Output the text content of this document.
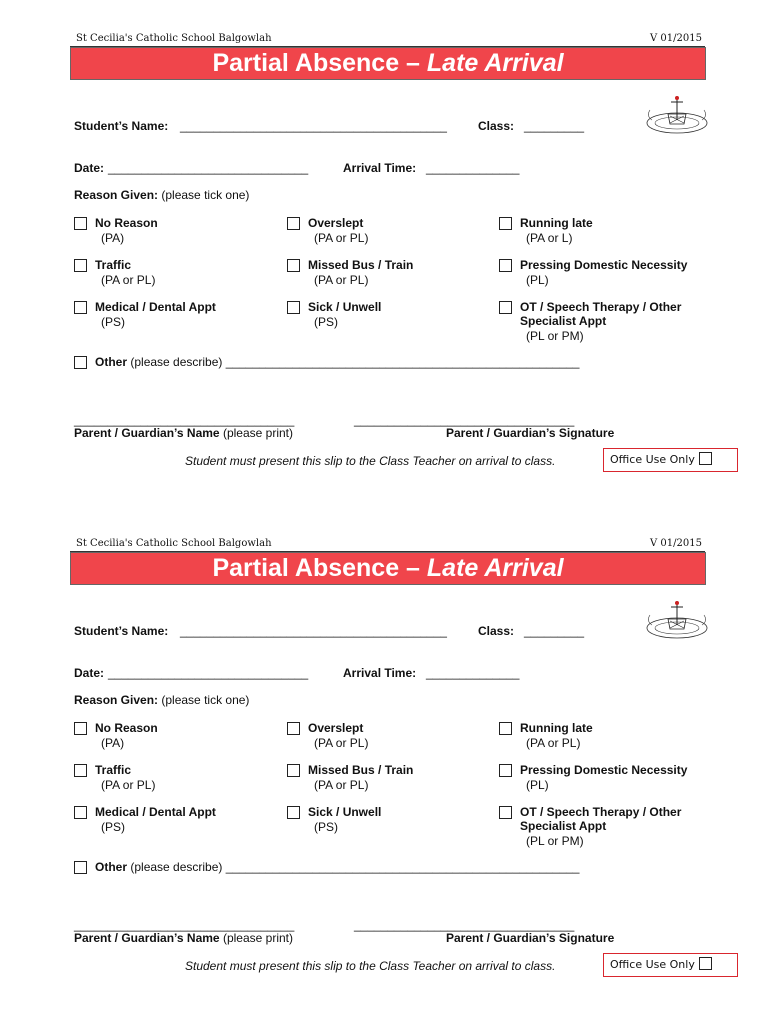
St Cecilia's Catholic School Balgowlah	V 01/2015
Partial Absence – Late Arrival
Student’s Name: ________________________________________	Class: _________
Date: ______________________________	Arrival Time: ______________
Reason Given: (please tick one)
No Reason
(PA)
Overslept
(PA or PL)
Running late
(PA or L)
Traffic
(PA or PL)
Missed Bus / Train
(PA or PL)
Pressing Domestic Necessity
(PL)
Medical / Dental Appt
(PS)
Sick / Unwell
(PS)
OT / Speech Therapy / Other
Specialist Appt
(PL or PM)
Other (please describe) _____________________________________________________
_________________________________	_________________________________
Parent / Guardian’s Name (please print)	Parent / Guardian’s Signature
Student must present this slip to the Class Teacher on arrival to class.	Office Use Only
St Cecilia's Catholic School Balgowlah	V 01/2015
Partial Absence – Late Arrival
Student’s Name: ________________________________________	Class: _________
Date: ______________________________	Arrival Time: ______________
Reason Given: (please tick one)
No Reason
(PA)
Overslept
(PA or PL)
Running late
(PA or PL)
Traffic
(PA or PL)
Missed Bus / Train
(PA or PL)
Pressing Domestic Necessity
(PL)
Medical / Dental Appt
(PS)
Sick / Unwell
(PS)
OT / Speech Therapy / Other
Specialist Appt
(PL or PM)
Other (please describe) _____________________________________________________
_________________________________	_________________________________
Parent / Guardian’s Name (please print)	Parent / Guardian’s Signature
Student must present this slip to the Class Teacher on arrival to class.	Office Use Only
